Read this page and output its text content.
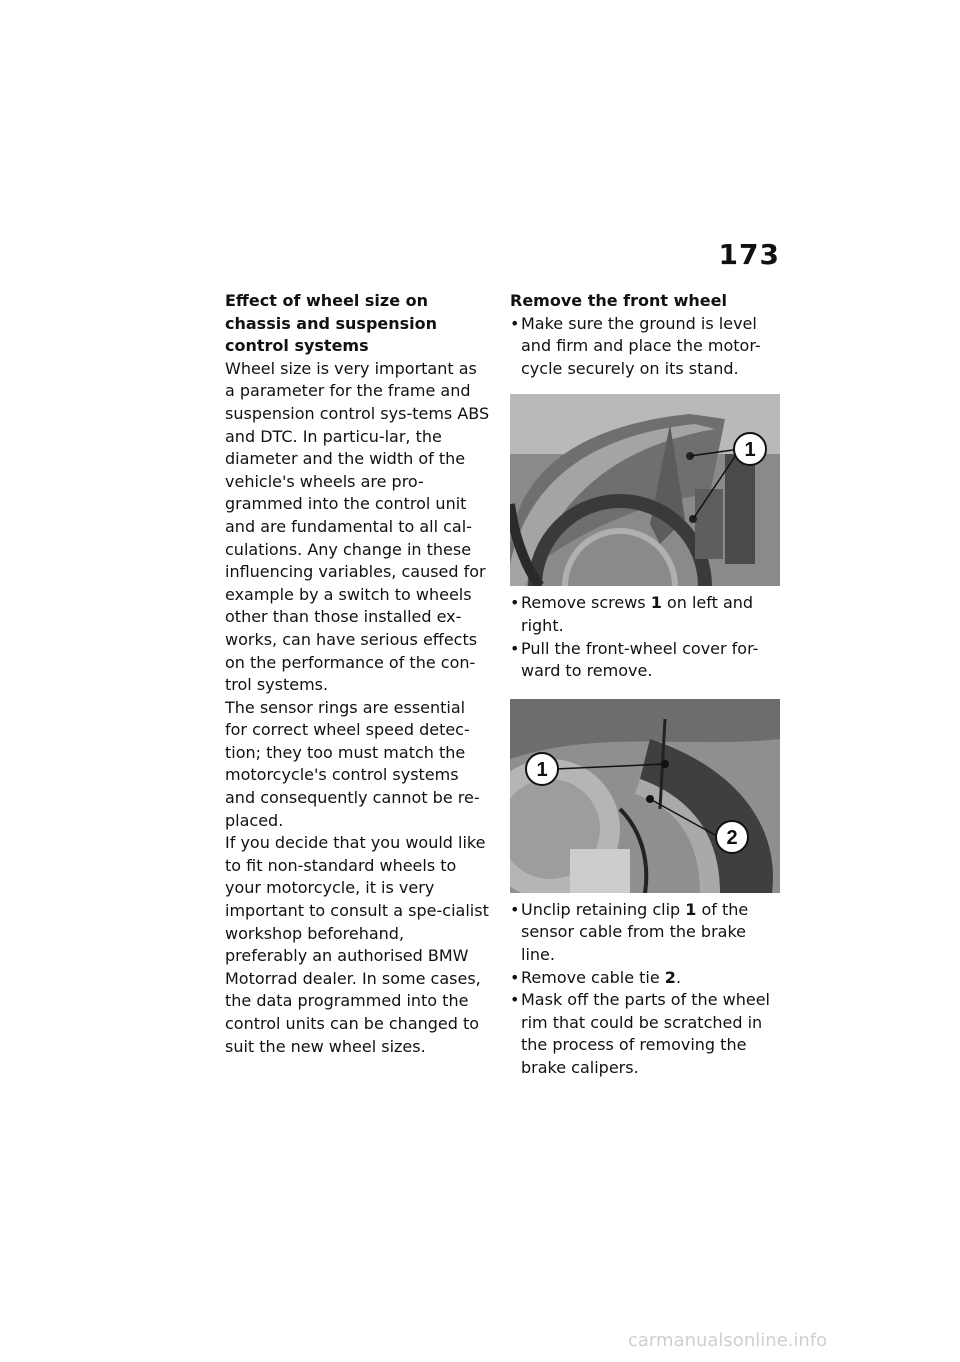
173

Effect of wheel size on chassis and suspension control systems

Wheel size is very important as a parameter for the frame and suspension control sys-tems ABS and DTC. In particu-lar, the diameter and the width of the vehicle's wheels are pro-grammed into the control unit and are fundamental to all cal-culations. Any change in these influencing variables, caused for example by a switch to wheels other than those installed ex-works, can have serious effects on the performance of the con-trol systems.

The sensor rings are essential for correct wheel speed detec-tion; they too must match the motorcycle's control systems and consequently cannot be re-placed.

If you decide that you would like to fit non-standard wheels to your motorcycle, it is very important to consult a spe-cialist workshop beforehand, preferably an authorised BMW Motorrad dealer. In some cases, the data programmed into the control units can be changed to suit the new wheel sizes.

Remove the front wheel

• Make sure the ground is level and firm and place the motor-cycle securely on its stand.
1
• Remove screws 1 on left and right.
• Pull the front-wheel cover for-ward to remove.
1
2
• Unclip retaining clip 1 of the sensor cable from the brake line.
• Remove cable tie 2.
• Mask off the parts of the wheel rim that could be scratched in the process of removing the brake calipers.
carmanualsonline.info
